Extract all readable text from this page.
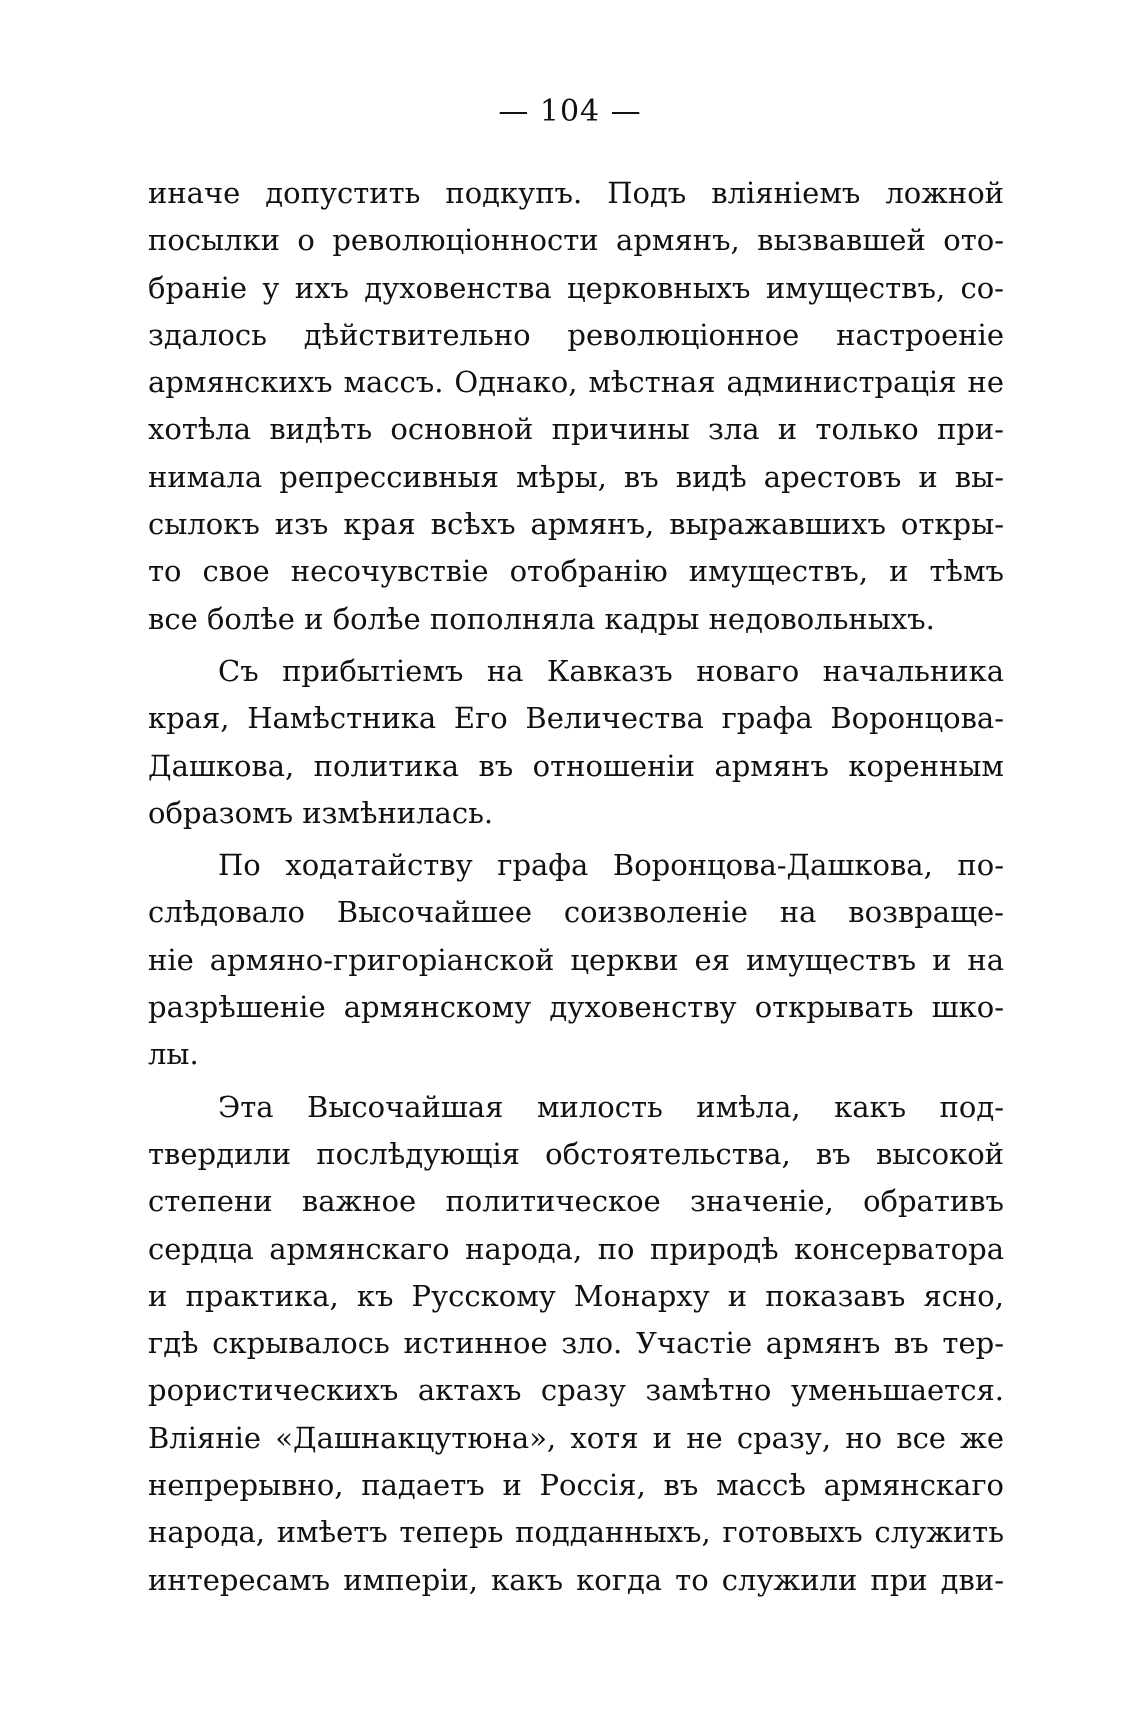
— 104 —
иначе допустить подкупъ. Подъ вліяніемъ ложной
посылки о революціонности армянъ, вызвавшей ото-
браніе у ихъ духовенства церковныхъ имуществъ, со-
здалось дѣйствительно революціонное настроеніе
армянскихъ массъ. Однако, мѣстная администрація не
хотѣла видѣть основной причины зла и только при-
нимала репрессивныя мѣры, въ видѣ арестовъ и вы-
сылокъ изъ края всѣхъ армянъ, выражавшихъ откры-
то свое несочувствіе отобранію имуществъ, и тѣмъ
все болѣе и болѣе пополняла кадры недовольныхъ.
Съ прибытіемъ на Кавказъ новаго начальника
края, Намѣстника Его Величества графа Воронцова-
Дашкова, политика въ отношеніи армянъ коренным
образомъ измѣнилась.
По ходатайству графа Воронцова-Дашкова, по-
слѣдовало Высочайшее соизволеніе на возвраще-
ніе армяно-григоріанской церкви ея имуществъ и на
разрѣшеніе армянскому духовенству открывать шко-
лы.
Эта Высочайшая милость имѣла, какъ под-
твердили послѣдующія обстоятельства, въ высокой
степени важное политическое значеніе, обративъ
сердца армянскаго народа, по природѣ консерватора
и практика, къ Русскому Монарху и показавъ ясно,
гдѣ скрывалось истинное зло. Участіе армянъ въ тер-
рористическихъ актахъ сразу замѣтно уменьшается.
Вліяніе «Дашнакцутюна», хотя и не сразу, но все же
непрерывно, падаетъ и Россія, въ массѣ армянскаго
народа, имѣетъ теперь подданныхъ, готовыхъ служить
интересамъ имперіи, какъ когда то служили при дви-
